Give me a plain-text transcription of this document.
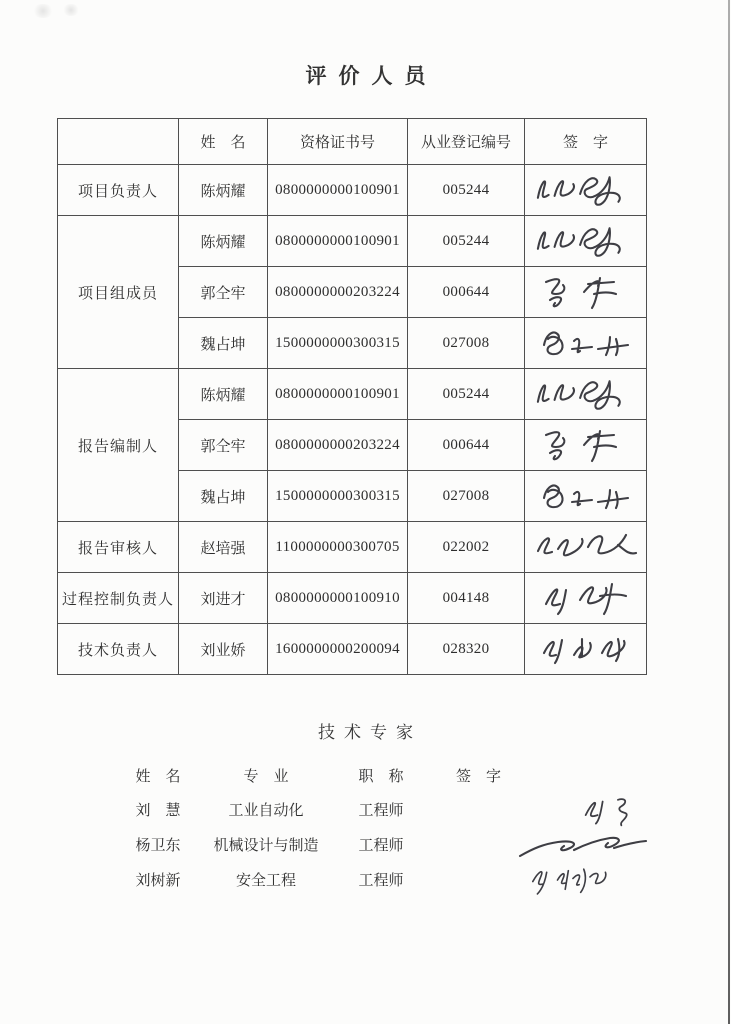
评价人员
	姓　名	资格证书号	从业登记编号	签　字
项目负责人	陈炳耀	0800000000100901	005244	

项目组成员	陈炳耀	0800000000100901	005244	

	郭仝牢	0800000000203224	000644	

	魏占坤	1500000000300315	027008	

报告编制人	陈炳耀	0800000000100901	005244	

	郭仝牢	0800000000203224	000644	

	魏占坤	1500000000300315	027008	

报告审核人	赵培强	1100000000300705	022002	

过程控制负责人	刘进才	0800000000100910	004148	

技术负责人	刘业娇	1600000000200094	028320	
技术专家
姓　名	专　业	职　称	签　字
刘　慧	工业自动化	工程师
杨卫东	机械设计与制造	工程师
刘树新	安全工程	工程师
